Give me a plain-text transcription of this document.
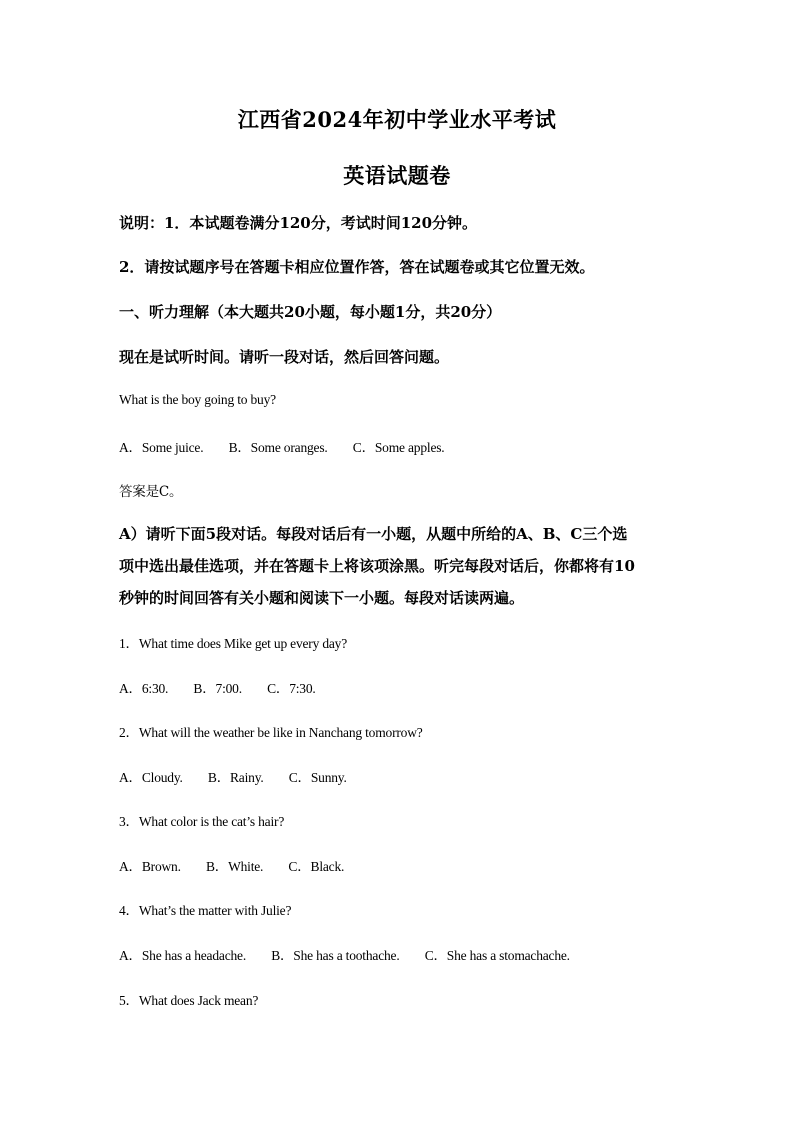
江西省2024年初中学业水平考试
英语试题卷
说明：1．本试题卷满分120分，考试时间120分钟。
2．请按试题序号在答题卡相应位置作答，答在试题卷或其它位置无效。
一、听力理解（本大题共20小题，每小题1分，共20分）
现在是试听时间。请听一段对话，然后回答问题。
What is the boy going to buy?
A．Some juice. B．Some oranges. C．Some apples.
答案是C。
A）请听下面5段对话。每段对话后有一小题，从题中所给的A、B、C三个选
项中选出最佳选项，并在答题卡上将该项涂黑。听完每段对话后，你都将有10
秒钟的时间回答有关小题和阅读下一小题。每段对话读两遍。
1．What time does Mike get up every day?
A．6:30. B．7:00. C．7:30.
2．What will the weather be like in Nanchang tomorrow?
A．Cloudy. B．Rainy. C．Sunny.
3．What color is the cat’s hair?
A．Brown. B．White. C．Black.
4．What’s the matter with Julie?
A．She has a headache. B．She has a toothache. C．She has a stomachache.
5．What does Jack mean?
